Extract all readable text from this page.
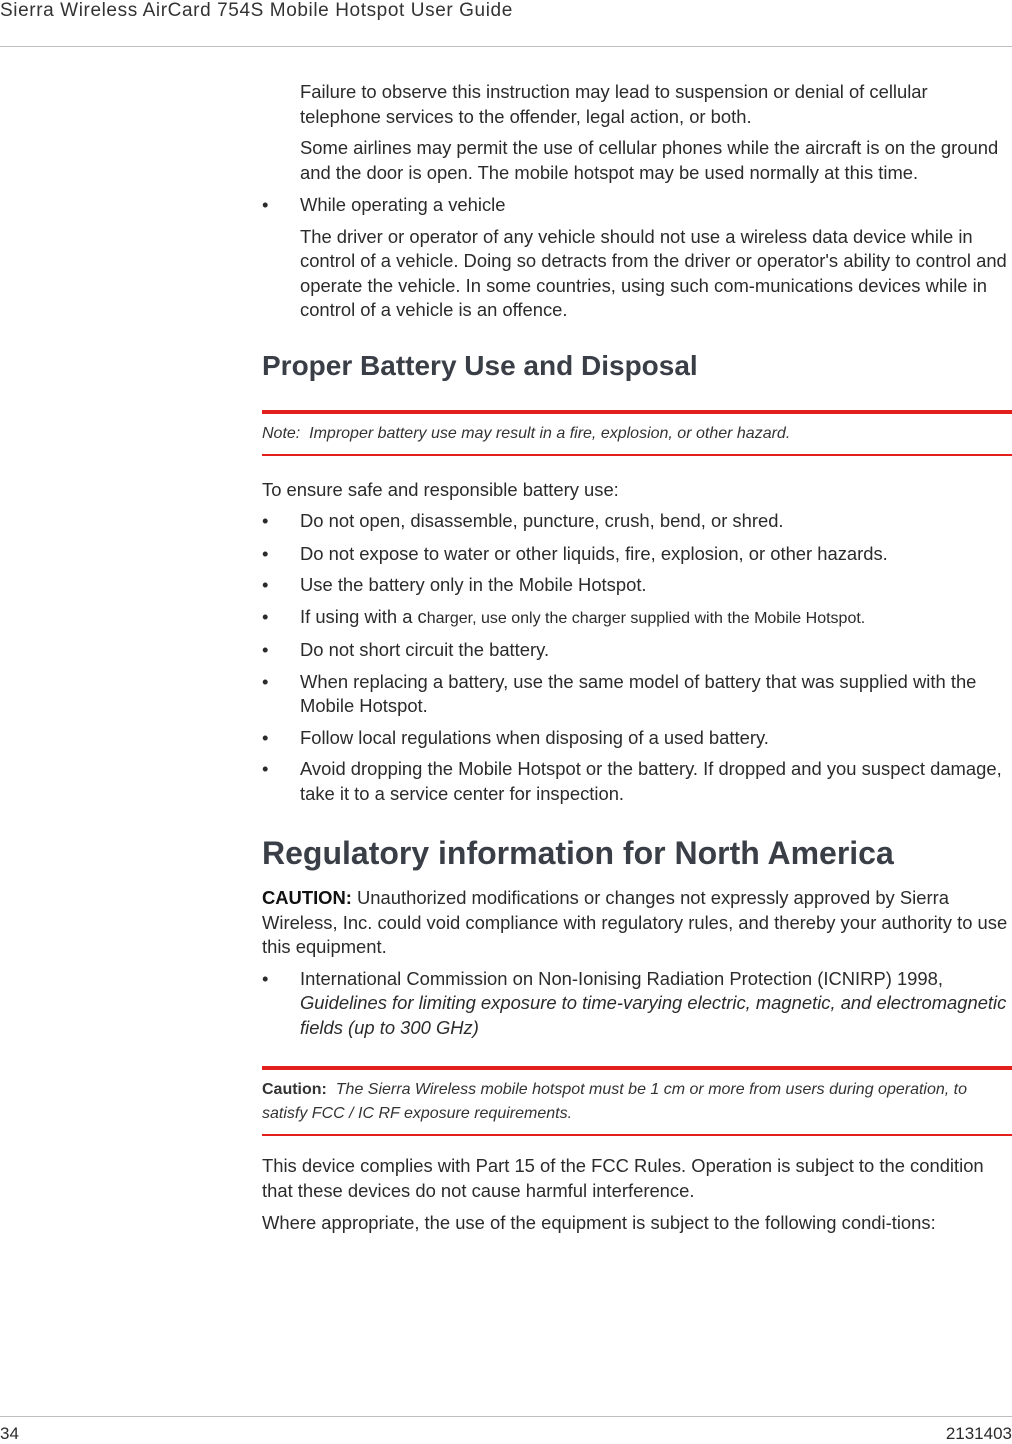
Sierra Wireless AirCard 754S Mobile Hotspot User Guide

Failure to observe this instruction may lead to suspension or denial of cellular telephone services to the offender, legal action, or both.

Some airlines may permit the use of cellular phones while the aircraft is on the ground and the door is open. The mobile hotspot may be used normally at this time.

• While operating a vehicle

The driver or operator of any vehicle should not use a wireless data device while in control of a vehicle. Doing so detracts from the driver or operator's ability to control and operate the vehicle. In some countries, using such com-munications devices while in control of a vehicle is an offence.

Proper Battery Use and Disposal
Note: Improper battery use may result in a fire, explosion, or other hazard.

To ensure safe and responsible battery use:

• Do not open, disassemble, puncture, crush, bend, or shred.
• Do not expose to water or other liquids, fire, explosion, or other hazards.
• Use the battery only in the Mobile Hotspot.
• If using with a charger, use only the charger supplied with the Mobile Hotspot.
• Do not short circuit the battery.
• When replacing a battery, use the same model of battery that was supplied with the Mobile Hotspot.
• Follow local regulations when disposing of a used battery.
• Avoid dropping the Mobile Hotspot or the battery. If dropped and you suspect damage, take it to a service center for inspection.
Regulatory information for North America

CAUTION: Unauthorized modifications or changes not expressly approved by Sierra Wireless, Inc. could void compliance with regulatory rules, and thereby your authority to use this equipment.

• International Commission on Non-Ionising Radiation Protection (ICNIRP) 1998, Guidelines for limiting exposure to time-varying electric, magnetic, and electromagnetic fields (up to 300 GHz)
Caution: The Sierra Wireless mobile hotspot must be 1 cm or more from users during operation, to satisfy FCC / IC RF exposure requirements.

This device complies with Part 15 of the FCC Rules. Operation is subject to the condition that these devices do not cause harmful interference.

Where appropriate, the use of the equipment is subject to the following condi-tions:

34	2131403
